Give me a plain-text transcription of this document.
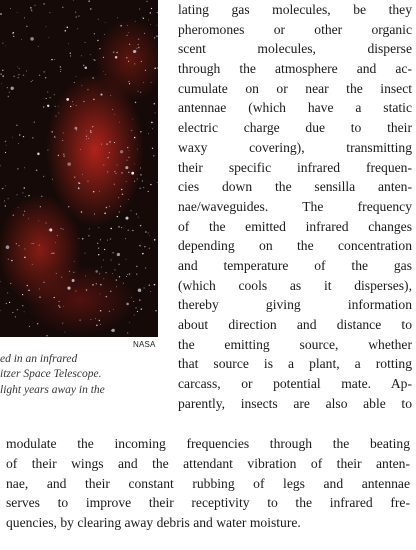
NASA
ed in an infrared
itzer Space Telescope.
light years away in the
lating gas molecules, be they
pheromones or other organic
scent molecules, disperse
through the atmosphere and ac-
cumulate on or near the insect
antennae (which have a static
electric charge due to their
waxy covering), transmitting
their specific infrared frequen-
cies down the sensilla anten-
nae/waveguides. The frequency
of the emitted infrared changes
depending on the concentration
and temperature of the gas
(which cools as it disperses),
thereby giving information
about direction and distance to
the emitting source, whether
that source is a plant, a rotting
carcass, or potential mate. Ap-
parently, insects are also able to
modulate the incoming frequencies through the beating
of their wings and the attendant vibration of their anten-
nae, and their constant rubbing of legs and antennae
serves to improve their receptivity to the infrared fre-
quencies, by clearing away debris and water moisture.
